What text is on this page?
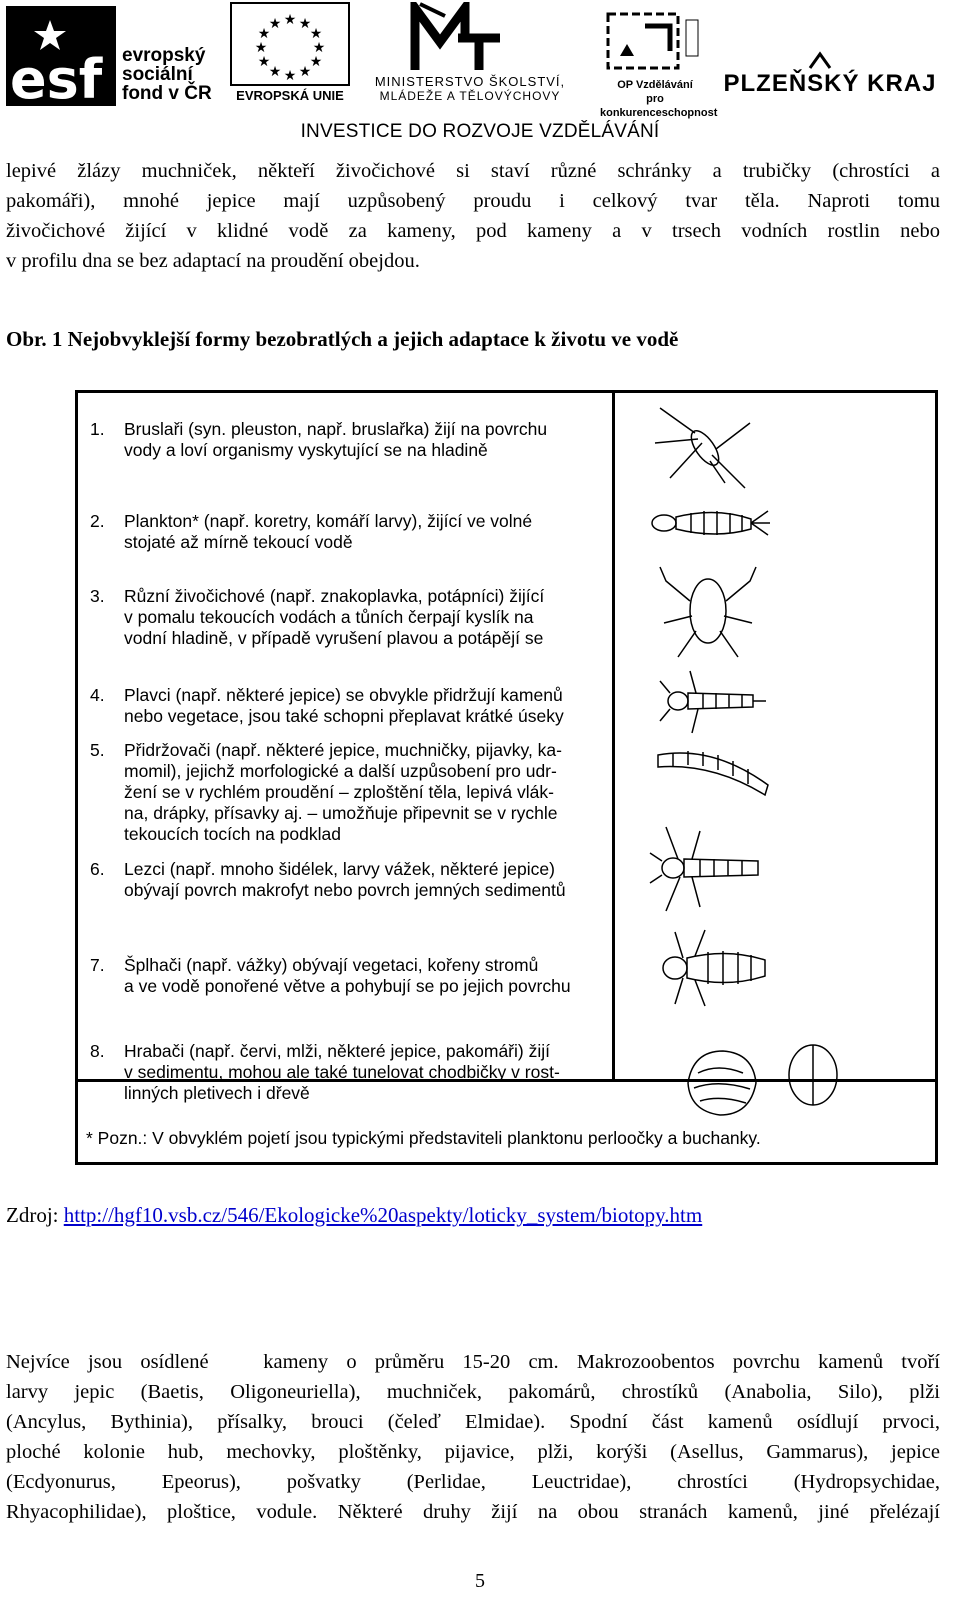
esf evropský
sociální
fond v ČR
★ ★
★
★
★
★
★
★
★
★
★
★
EVROPSKÁ UNIE
MINISTERSTVO ŠKOLSTVÍ,
MLÁDEŽE A TĚLOVÝCHOVY
OP Vzdělávání
pro konkurenceschopnost
PLZEŇSKÝ KRAJ
INVESTICE DO ROZVOJE VZDĚLÁVÁNÍ
lepivé žlázy muchniček, někteří živočichové si staví různé schránky a trubičky (chrostíci a
pakomáři), mnohé jepice mají uzpůsobený proudu i celkový tvar těla. Naproti tomu
živočichové žijící v klidné vodě za kameny, pod kameny a v trsech vodních rostlin nebo
v profilu dna se bez adaptací na proudění obejdou.
Obr. 1 Nejobvyklejší formy bezobratlých a jejich adaptace k životu ve vodě
1.	Bruslaři (syn. pleuston, např. bruslařka) žijí na povrchu
vody a loví organismy vyskytující se na hladině
2.	Plankton* (např. koretry, komáří larvy), žijící ve volné
stojaté až mírně tekoucí vodě
3.	Různí živočichové (např. znakoplavka, potápníci) žijící
v pomalu tekoucích vodách a tůních čerpají kyslík na
vodní hladině, v případě vyrušení plavou a potápějí se
4.	Plavci (např. některé jepice) se obvykle přidržují kamenů
nebo vegetace, jsou také schopni přeplavat krátké úseky
5.	Přidržovači (např. některé jepice, muchničky, pijavky, ka-
momil), jejichž morfologické a další uzpůsobení pro udr-
žení se v rychlém proudění – zploštění těla, lepivá vlák-
na, drápky, přísavky aj. – umožňuje připevnit se v rychle
tekoucích tocích na podklad
6.	Lezci (např. mnoho šidélek, larvy vážek, některé jepice)
obývají povrch makrofyt nebo povrch jemných sedimentů
7.	Šplhači (např. vážky) obývají vegetaci, kořeny stromů
a ve vodě ponořené větve a pohybují se po jejich povrchu
8.	Hrabači (např. červi, mlži, některé jepice, pakomáři) žijí
v sedimentu, mohou ale také tunelovat chodbičky v rost-
linných pletivech i dřevě
* Pozn.: V obvyklém pojetí jsou typickými představiteli planktonu perloočky a buchanky.
Zdroj: http://hgf10.vsb.cz/546/Ekologicke%20aspekty/loticky_system/biotopy.htm
Nejvíce jsou osídlené   kameny o průměru 15-20 cm. Makrozoobentos povrchu kamenů tvoří
larvy jepic (Baetis, Oligoneuriella), muchniček, pakomárů, chrostíků (Anabolia, Silo), plži
(Ancylus, Bythinia), přísalky, brouci (čeleď Elmidae). Spodní část kamenů osídlují prvoci,
ploché kolonie hub, mechovky, ploštěnky, pijavice, plži, korýši (Asellus, Gammarus), jepice
(Ecdyonurus, Epeorus), pošvatky (Perlidae, Leuctridae), chrostíci (Hydropsychidae,
Rhyacophilidae), ploštice, vodule. Některé druhy žijí na obou stranách kamenů, jiné přelézají
5
